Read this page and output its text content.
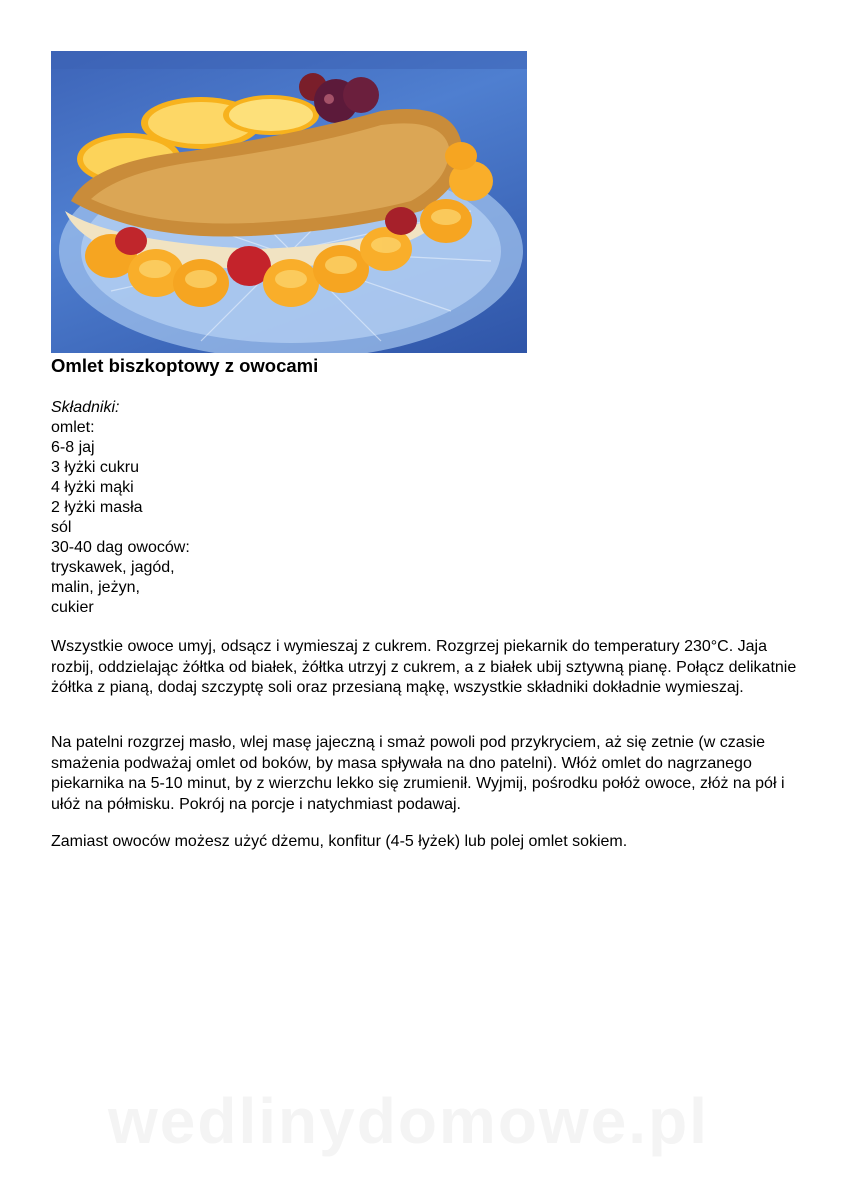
Omlet biszkoptowy z owocami
Składniki:
omlet:
6-8 jaj
3 łyżki cukru
4 łyżki mąki
2 łyżki masła
sól
30-40 dag owoców:
tryskawek, jagód,
malin, jeżyn,
cukier

Wszystkie owoce umyj, odsącz i wymieszaj z cukrem. Rozgrzej piekarnik do temperatury 230°C. Jaja rozbij, oddzielając żółtka od białek, żółtka utrzyj z cukrem, a z białek ubij sztywną pianę. Połącz delikatnie żółtka z pianą, dodaj szczyptę soli oraz przesianą mąkę, wszystkie składniki dokładnie wymieszaj.

Na patelni rozgrzej masło, wlej masę jajeczną i smaż powoli pod przykryciem, aż się zetnie (w czasie smażenia podważaj omlet od boków, by masa spływała na dno patelni). Włóż omlet do nagrzanego piekarnika na 5-10 minut, by z wierzchu lekko się zrumienił. Wyjmij, pośrodku połóż owoce, złóż na pół i ułóż na półmisku. Pokrój na porcje i natychmiast podawaj.

Zamiast owoców możesz użyć dżemu, konfitur (4-5 łyżek) lub polej omlet sokiem.

wedlinydomowe.pl
